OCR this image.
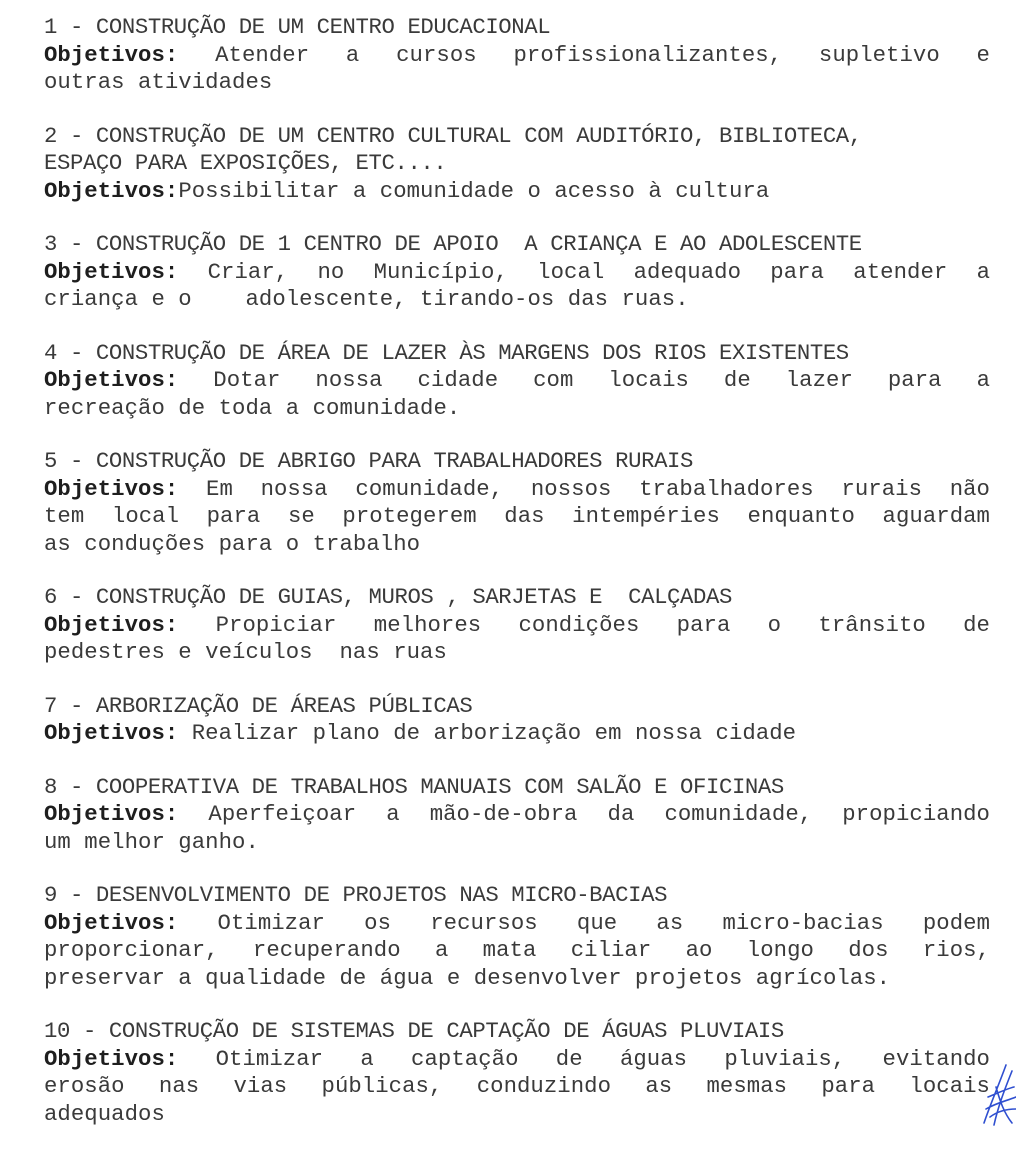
1 - CONSTRUÇÃO DE UM CENTRO EDUCACIONAL
Objetivos: Atender a cursos profissionalizantes, supletivo e
outras atividades
2 - CONSTRUÇÃO DE UM CENTRO CULTURAL COM AUDITÓRIO, BIBLIOTECA,
ESPAÇO PARA EXPOSIÇÕES, ETC....
Objetivos:Possibilitar a comunidade o acesso à cultura
3 - CONSTRUÇÃO DE 1 CENTRO DE APOIO  A CRIANÇA E AO ADOLESCENTE
Objetivos: Criar, no Município, local adequado para atender a
criança e o    adolescente, tirando-os das ruas.
4 - CONSTRUÇÃO DE ÁREA DE LAZER ÀS MARGENS DOS RIOS EXISTENTES
Objetivos: Dotar nossa cidade com locais de lazer para a
recreação de toda a comunidade.
5 - CONSTRUÇÃO DE ABRIGO PARA TRABALHADORES RURAIS
Objetivos: Em nossa comunidade, nossos trabalhadores rurais não
tem local para se protegerem das intempéries enquanto aguardam
as conduções para o trabalho
6 - CONSTRUÇÃO DE GUIAS, MUROS , SARJETAS E  CALÇADAS
Objetivos: Propiciar melhores condições para o trânsito de
pedestres e veículos  nas ruas
7 - ARBORIZAÇÃO DE ÁREAS PÚBLICAS
Objetivos: Realizar plano de arborização em nossa cidade
8 - COOPERATIVA DE TRABALHOS MANUAIS COM SALÃO E OFICINAS
Objetivos: Aperfeiçoar a mão-de-obra da comunidade, propiciando
um melhor ganho.
9 - DESENVOLVIMENTO DE PROJETOS NAS MICRO-BACIAS
Objetivos: Otimizar os recursos que as micro-bacias podem
proporcionar, recuperando a mata ciliar ao longo dos rios,
preservar a qualidade de água e desenvolver projetos agrícolas.
10 - CONSTRUÇÃO DE SISTEMAS DE CAPTAÇÃO DE ÁGUAS PLUVIAIS
Objetivos: Otimizar a captação de águas pluviais, evitando
erosão nas vias públicas, conduzindo as mesmas para locais
adequados
